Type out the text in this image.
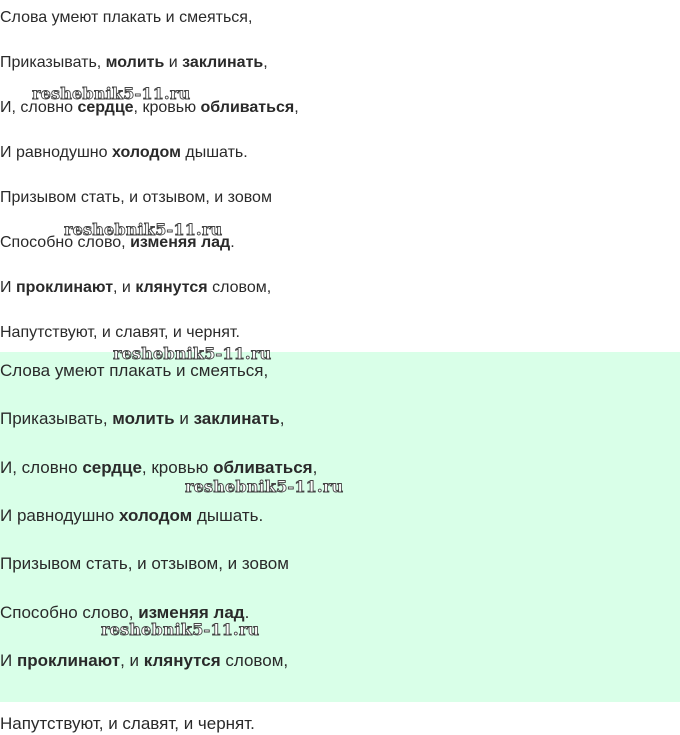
Слова умеют плакать и смеяться,

Приказывать, молить и заклинать,

И, словно сердце, кровью обливаться,

И равнодушно холодом дышать.

Призывом стать, и отзывом, и зовом

Способно слово, изменяя лад.

И проклинают, и клянутся словом,

Напутствуют, и славят, и чернят.

Слова умеют плакать и смеяться,

Приказывать, молить и заклинать,

И, словно сердце, кровью обливаться,

И равнодушно холодом дышать.

Призывом стать, и отзывом, и зовом

Способно слово, изменяя лад.

И проклинают, и клянутся словом,

Напутствуют, и славят, и чернят.

reshebnik5-11.ru
reshebnik5-11.ru
reshebnik5-11.ru
reshebnik5-11.ru
reshebnik5-11.ru
